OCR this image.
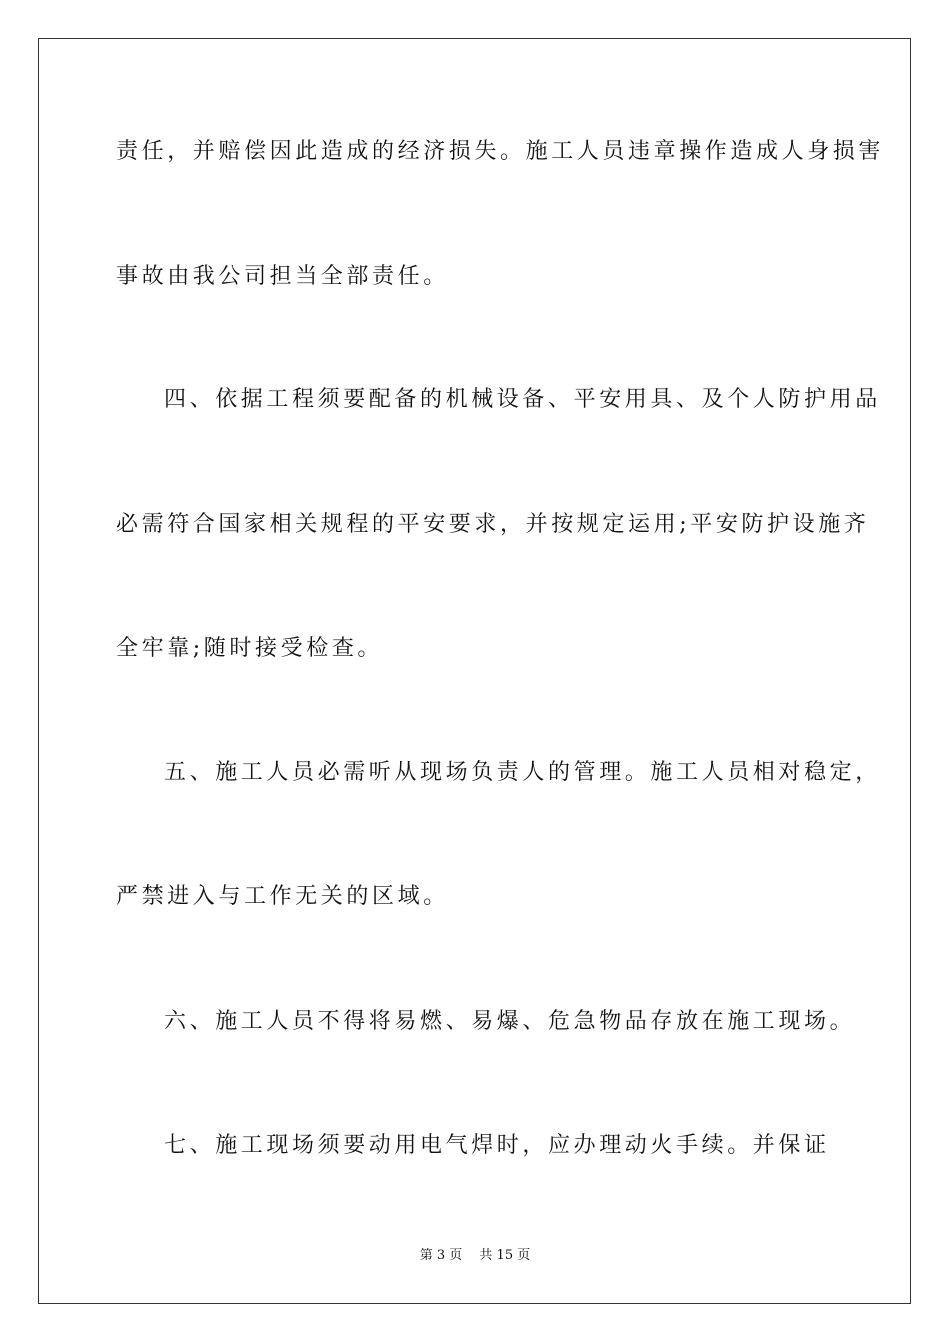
责任，并赔偿因此造成的经济损失。施工人员违章操作造成人身损害
事故由我公司担当全部责任。
四、依据工程须要配备的机械设备、平安用具、及个人防护用品
必需符合国家相关规程的平安要求，并按规定运用;平安防护设施齐
全牢靠;随时接受检查。
五、施工人员必需听从现场负责人的管理。施工人员相对稳定，
严禁进入与工作无关的区域。
六、施工人员不得将易燃、易爆、危急物品存放在施工现场。
七、施工现场须要动用电气焊时，应办理动火手续。并保证
第 3 页　 共 15 页
